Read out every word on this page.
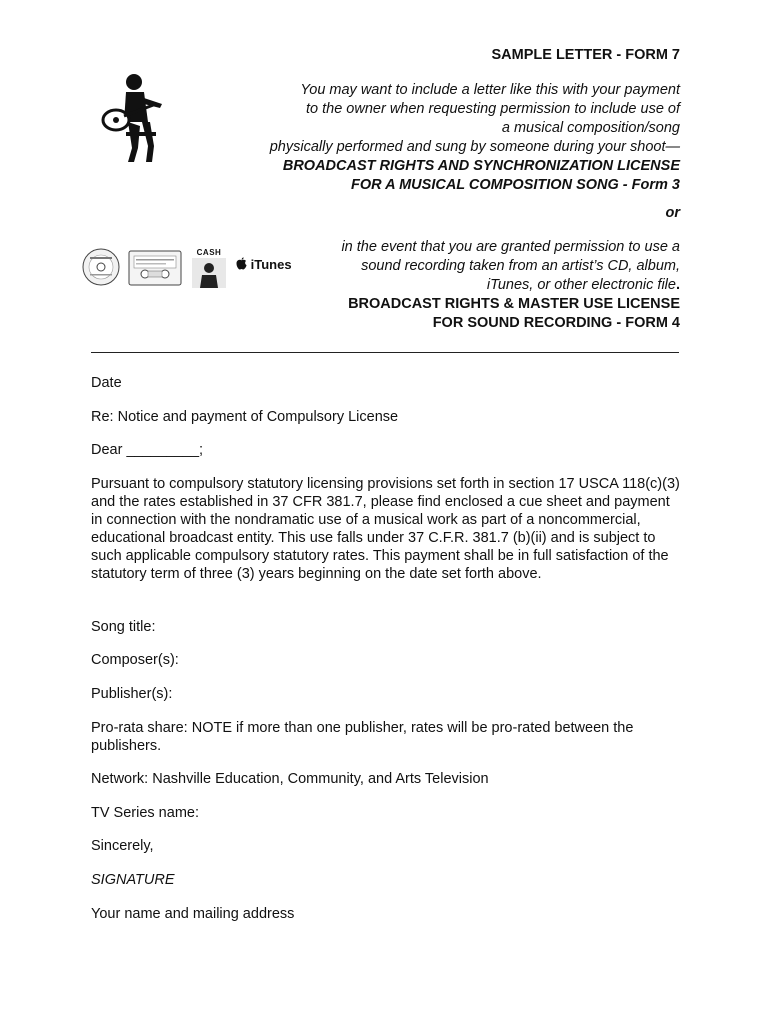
SAMPLE LETTER - FORM 7
You may want to include a letter like this with your payment
to the owner when requesting permission to include use of
a musical composition/song
physically performed and sung by someone during your shoot—
BROADCAST RIGHTS AND SYNCHRONIZATION LICENSE
FOR A MUSICAL COMPOSITION SONG - Form 3
or
CASH
iTunes
in the event that you are granted permission to use a
sound recording taken from an artist’s CD, album,
iTunes, or other electronic file.
BROADCAST RIGHTS & MASTER USE LICENSE
FOR SOUND RECORDING - FORM 4
Date
Re: Notice and payment of Compulsory License
Dear _________;
Pursuant to compulsory statutory licensing provisions set forth in section 17 USCA 118(c)(3) and the rates established in 37 CFR 381.7, please find enclosed a cue sheet and payment in connection with the nondramatic use of a musical work as part of a noncommercial, educational broadcast entity. This use falls under 37 C.F.R. 381.7 (b)(ii) and is subject to such applicable compulsory statutory rates. This payment shall be in full satisfaction of the statutory term of three (3) years beginning on the date set forth above.
Song title:
Composer(s):
Publisher(s):
Pro-rata share: NOTE if more than one publisher, rates will be pro-rated between the publishers.
Network: Nashville Education, Community, and Arts Television
TV Series name:
Sincerely,
SIGNATURE
Your name and mailing address
